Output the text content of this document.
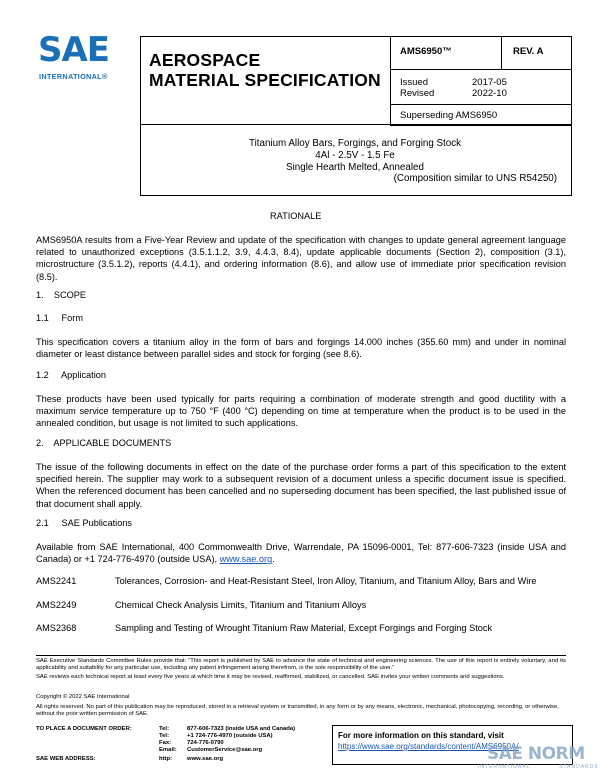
SAE
INTERNATIONAL®
AEROSPACE
MATERIAL SPECIFICATION
AMS6950™	REV. A
Issued	2017-05
Revised	2022-10
Superseding AMS6950
Titanium Alloy Bars, Forgings, and Forging Stock
4Al - 2.5V - 1.5 Fe
Single Hearth Melted, Annealed
(Composition similar to UNS R54250)
RATIONALE
AMS6950A results from a Five-Year Review and update of the specification with changes to update general agreement language related to unauthorized exceptions (3.5.1.1.2, 3.9, 4.4.3, 8.4), update applicable documents (Section 2), composition (3.1), microstructure (3.5.1.2), reports (4.4.1), and ordering information (8.6), and allow use of immediate prior specification revision (8.5).
1.    SCOPE
1.1     Form
This specification covers a titanium alloy in the form of bars and forgings 14.000 inches (355.60 mm) and under in nominal diameter or least distance between parallel sides and stock for forging (see 8.6).
1.2     Application
These products have been used typically for parts requiring a combination of moderate strength and good ductility with a maximum service temperature up to 750 °F (400 °C) depending on time at temperature when the product is to be used in the annealed condition, but usage is not limited to such applications.
2.    APPLICABLE DOCUMENTS
The issue of the following documents in effect on the date of the purchase order forms a part of this specification to the extent specified herein. The supplier may work to a subsequent revision of a document unless a specific document issue is specified. When the referenced document has been cancelled and no superseding document has been specified, the last published issue of that document shall apply.
2.1     SAE Publications
Available from SAE International, 400 Commonwealth Drive, Warrendale, PA 15096-0001, Tel: 877-606-7323 (inside USA and Canada) or +1 724-776-4970 (outside USA), www.sae.org.
AMS2241	Tolerances, Corrosion- and Heat-Resistant Steel, Iron Alloy, Titanium, and Titanium Alloy, Bars and Wire
AMS2249	Chemical Check Analysis Limits, Titanium and Titanium Alloys
AMS2368	Sampling and Testing of Wrought Titanium Raw Material, Except Forgings and Forging Stock
SAE Executive Standards Committee Rules provide that: “This report is published by SAE to advance the state of technical and engineering sciences. The use of this report is entirely voluntary, and its applicability and suitability for any particular use, including any patent infringement arising therefrom, is the sole responsibility of the user.”
SAE reviews each technical report at least every five years at which time it may be revised, reaffirmed, stabilized, or cancelled. SAE invites your written comments and suggestions.
Copyright © 2022 SAE International
All rights reserved. No part of this publication may be reproduced, stored in a retrieval system or transmitted, in any form or by any means, electronic, mechanical, photocopying, recording, or otherwise, without the prior written permission of SAE.
TO PLACE A DOCUMENT ORDER:	Tel:	877-606-7323 (inside USA and Canada)
Tel:	+1 724-776-4970 (outside USA)
Fax:	724-776-0790
Email: CustomerService@sae.org
SAE WEB ADDRESS:	http:	www.sae.org
For more information on this standard, visit
https://www.sae.org/standards/content/AMS6950A/
SAE NORM
INTERNATIONAL            STANDARDS
